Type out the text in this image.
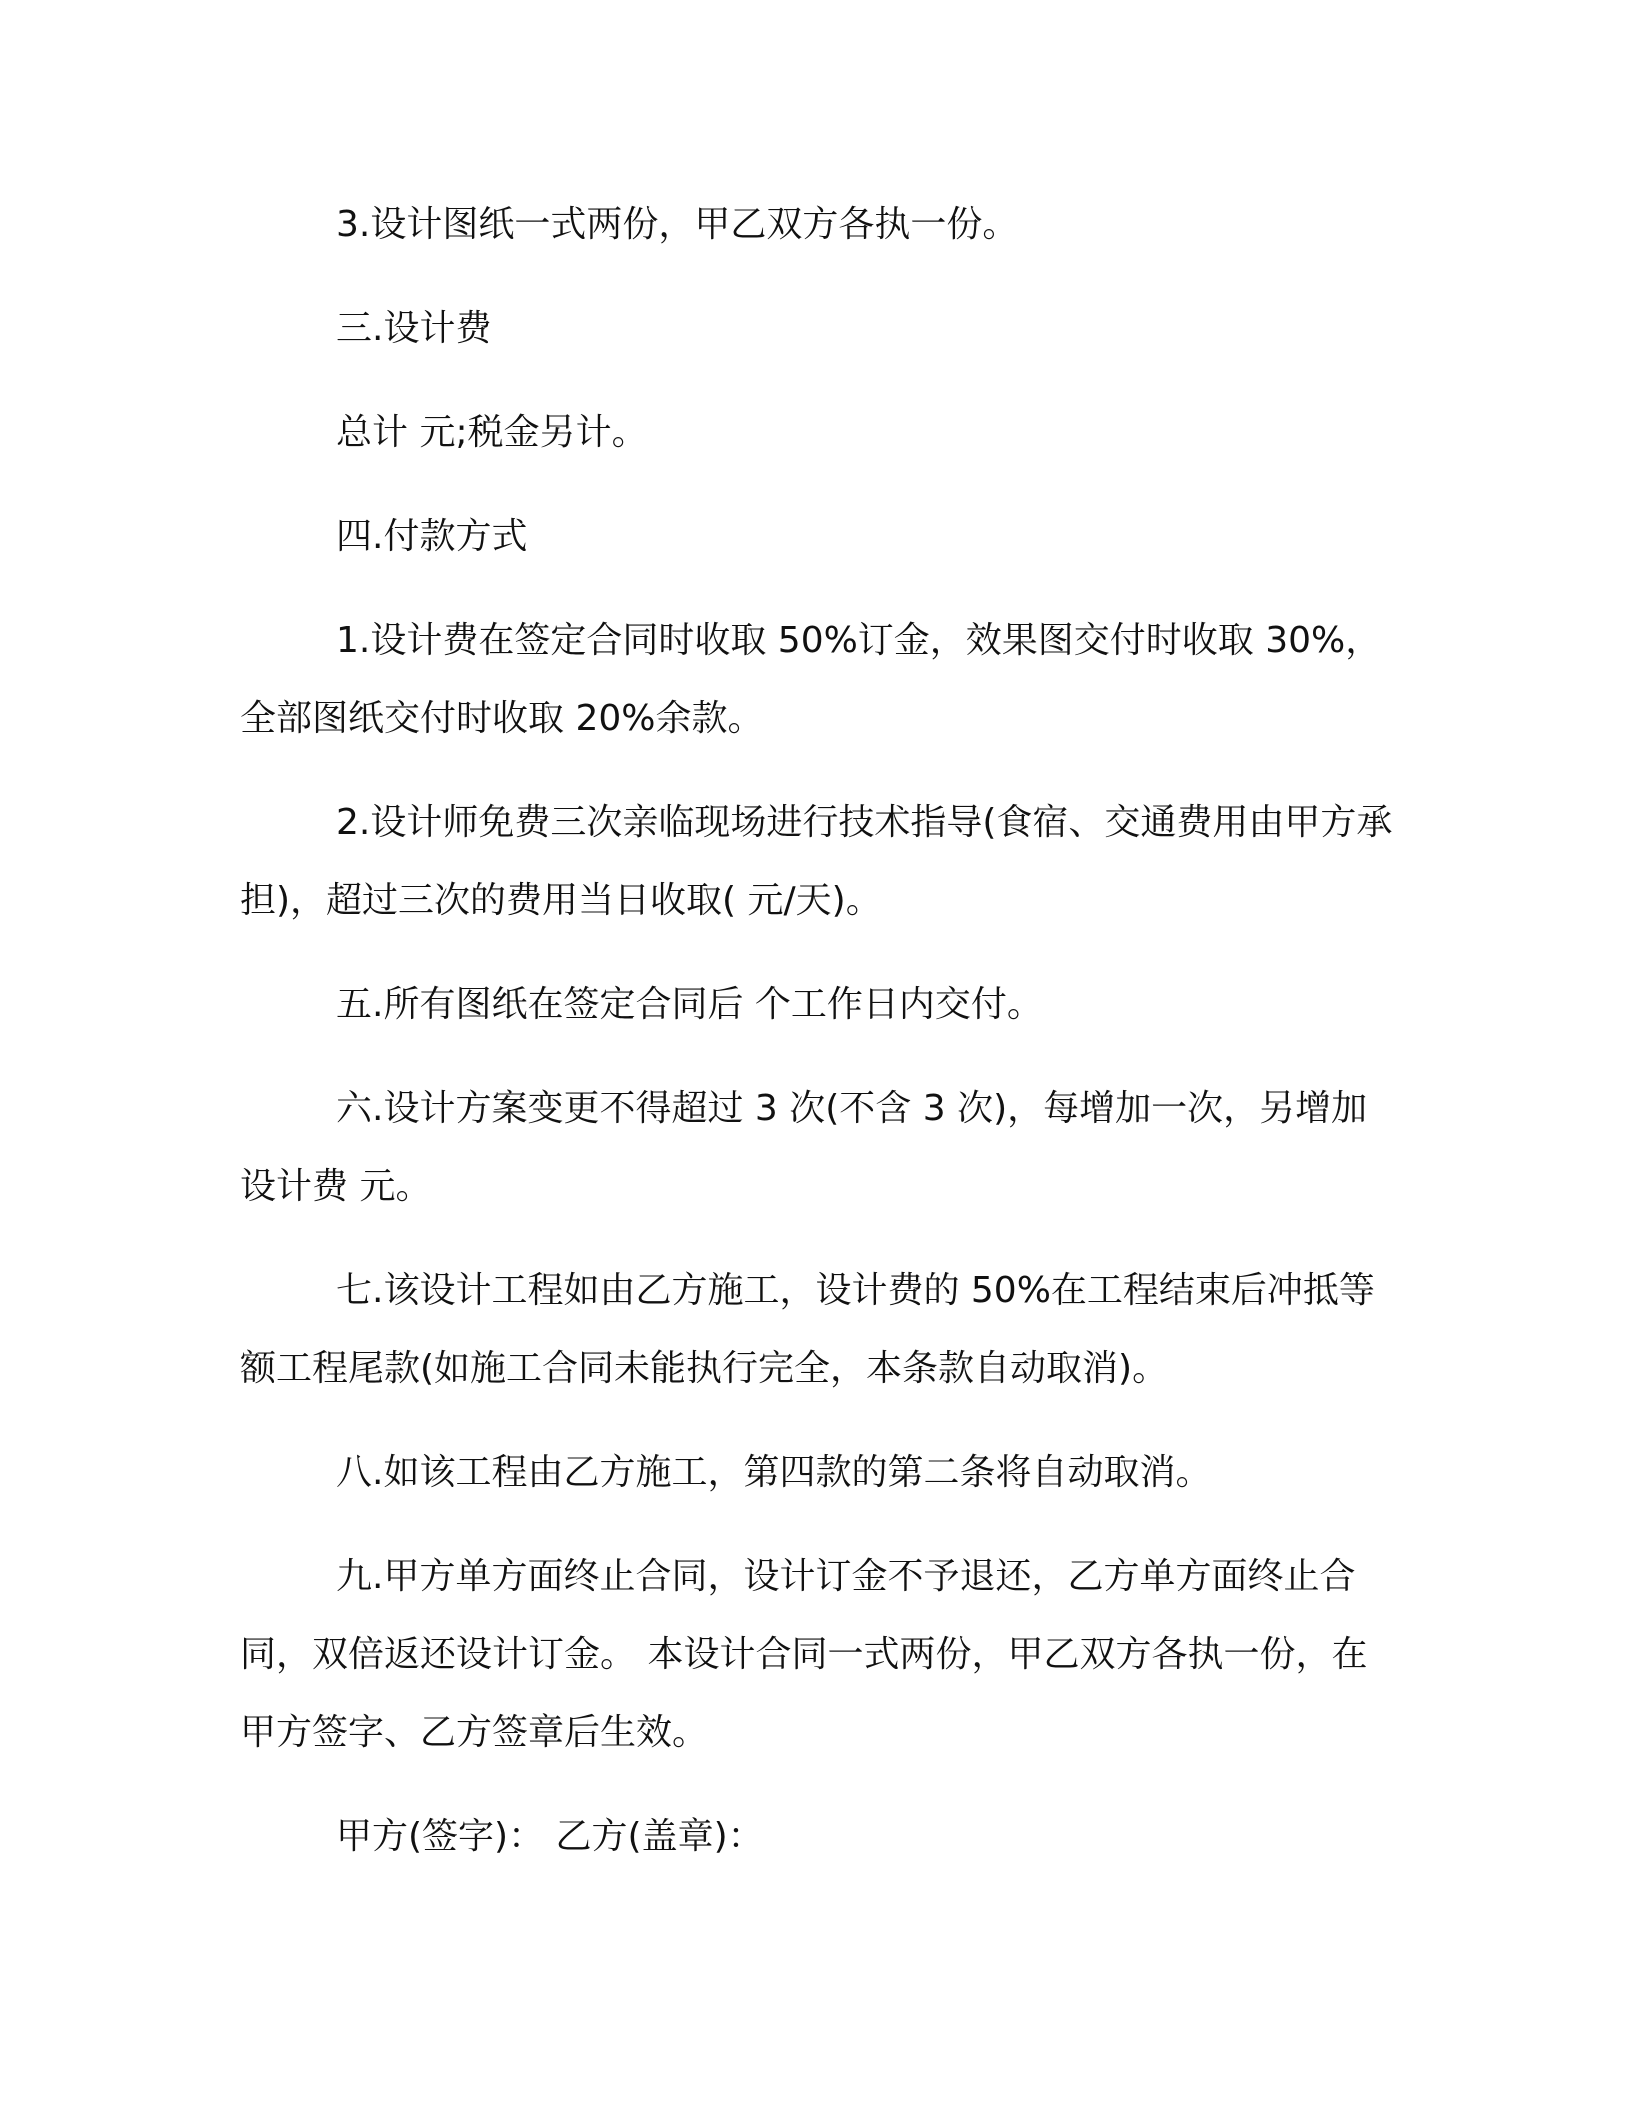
3.设计图纸一式两份，甲乙双方各执一份。

三.设计费

总计 元;税金另计。

四.付款方式

1.设计费在签定合同时收取 50%订金，效果图交付时收取 30%，全部图纸交付时收取 20%余款。

2.设计师免费三次亲临现场进行技术指导(食宿、交通费用由甲方承担)，超过三次的费用当日收取( 元/天)。

五.所有图纸在签定合同后 个工作日内交付。

六.设计方案变更不得超过 3 次(不含 3 次)，每增加一次，另增加设计费 元。

七.该设计工程如由乙方施工，设计费的 50%在工程结束后冲抵等额工程尾款(如施工合同未能执行完全，本条款自动取消)。

八.如该工程由乙方施工，第四款的第二条将自动取消。

九.甲方单方面终止合同，设计订金不予退还，乙方单方面终止合同，双倍返还设计订金。 本设计合同一式两份，甲乙双方各执一份，在甲方签字、乙方签章后生效。

甲方(签字)： 乙方(盖章)：
